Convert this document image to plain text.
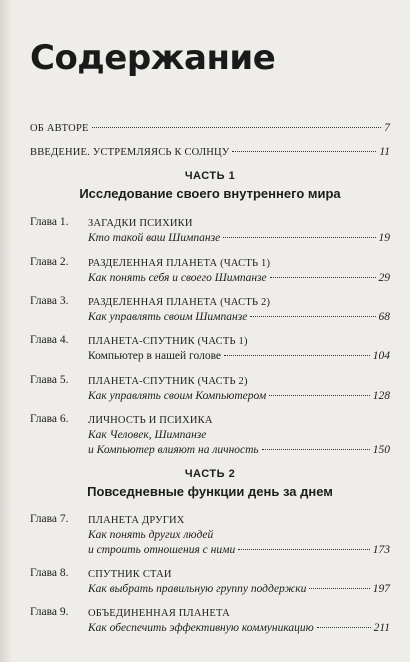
Содержание
ОБ АВТОРЕ	7
ВВЕДЕНИЕ. УСТРЕМЛЯЯСЬ К СОЛНЦУ	11
ЧАСТЬ 1
Исследование своего внутреннего мира
Глава 1.	ЗАГАДКИ ПСИХИКИ
Кто такой ваш Шимпанзе	19
Глава 2.	РАЗДЕЛЕННАЯ ПЛАНЕТА (ЧАСТЬ 1)
Как понять себя и своего Шимпанзе	29
Глава 3.	РАЗДЕЛЕННАЯ ПЛАНЕТА (ЧАСТЬ 2)
Как управлять своим Шимпанзе	68
Глава 4.	ПЛАНЕТА-СПУТНИК (ЧАСТЬ 1)
Компьютер в нашей голове	104
Глава 5.	ПЛАНЕТА-СПУТНИК (ЧАСТЬ 2)
Как управлять своим Компьютером	128
Глава 6.	ЛИЧНОСТЬ И ПСИХИКА
Как Человек, Шимпанзе
и Компьютер влияют на личность	150
ЧАСТЬ 2
Повседневные функции день за днем
Глава 7.	ПЛАНЕТА ДРУГИХ
Как понять других людей
и строить отношения с ними	173
Глава 8.	СПУТНИК СТАИ
Как выбрать правильную группу поддержки	197
Глава 9.	ОБЪЕДИНЕННАЯ ПЛАНЕТА
Как обеспечить эффективную коммуникацию	211
